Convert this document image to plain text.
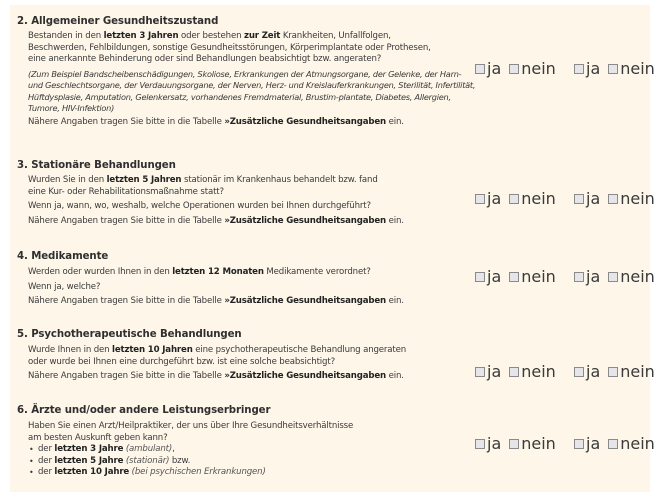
2. Allgemeiner Gesundheitszustand

Bestanden in den letzten 3 Jahren oder bestehen zur Zeit Krankheiten, Unfallfolgen,
Beschwerden, Fehlbildungen, sonstige Gesundheitsstörungen, Körperimplantate oder Prothesen,
eine anerkannte Behinderung oder sind Behandlungen beabsichtigt bzw. angeraten?

(Zum Beispiel Bandscheibenschädigungen, Skoliose, Erkrankungen der Atmungsorgane, der Gelenke, der Harn- und Geschlechtsorgane, der Verdauungsorgane, der Nerven, Herz- und Kreislauferkrankungen, Sterilität, Infertilität, Hüftdysplasie, Amputation, Gelenkersatz, vorhandenes Fremdmaterial, Brustim-plantate, Diabetes, Allergien, Tumore, HIV-Infektion)

Nähere Angaben tragen Sie bitte in die Tabelle »Zusätzliche Gesundheitsangaben ein.

ja nein ja nein
3. Stationäre Behandlungen

Wurden Sie in den letzten 5 Jahren stationär im Krankenhaus behandelt bzw. fand
eine Kur- oder Rehabilitationsmaßnahme statt?

Wenn ja, wann, wo, weshalb, welche Operationen wurden bei Ihnen durchgeführt?

Nähere Angaben tragen Sie bitte in die Tabelle »Zusätzliche Gesundheitsangaben ein.

ja nein ja nein
4. Medikamente

Werden oder wurden Ihnen in den letzten 12 Monaten Medikamente verordnet?

Wenn ja, welche?

Nähere Angaben tragen Sie bitte in die Tabelle »Zusätzliche Gesundheitsangaben ein.

ja nein ja nein
5. Psychotherapeutische Behandlungen

Wurde Ihnen in den letzten 10 Jahren eine psychotherapeutische Behandlung angeraten
oder wurde bei Ihnen eine durchgeführt bzw. ist eine solche beabsichtigt?

Nähere Angaben tragen Sie bitte in die Tabelle »Zusätzliche Gesundheitsangaben ein.	ja nein ja nein
6. Ärzte und/oder andere Leistungserbringer

Haben Sie einen Arzt/Heilpraktiker, der uns über Ihre Gesundheitsverhältnisse
am besten Auskunft geben kann?

• der letzten 3 Jahre (ambulant),
• der letzten 5 Jahre (stationär) bzw.
• der letzten 10 Jahre (bei psychischen Erkrankungen)
ja nein ja nein
